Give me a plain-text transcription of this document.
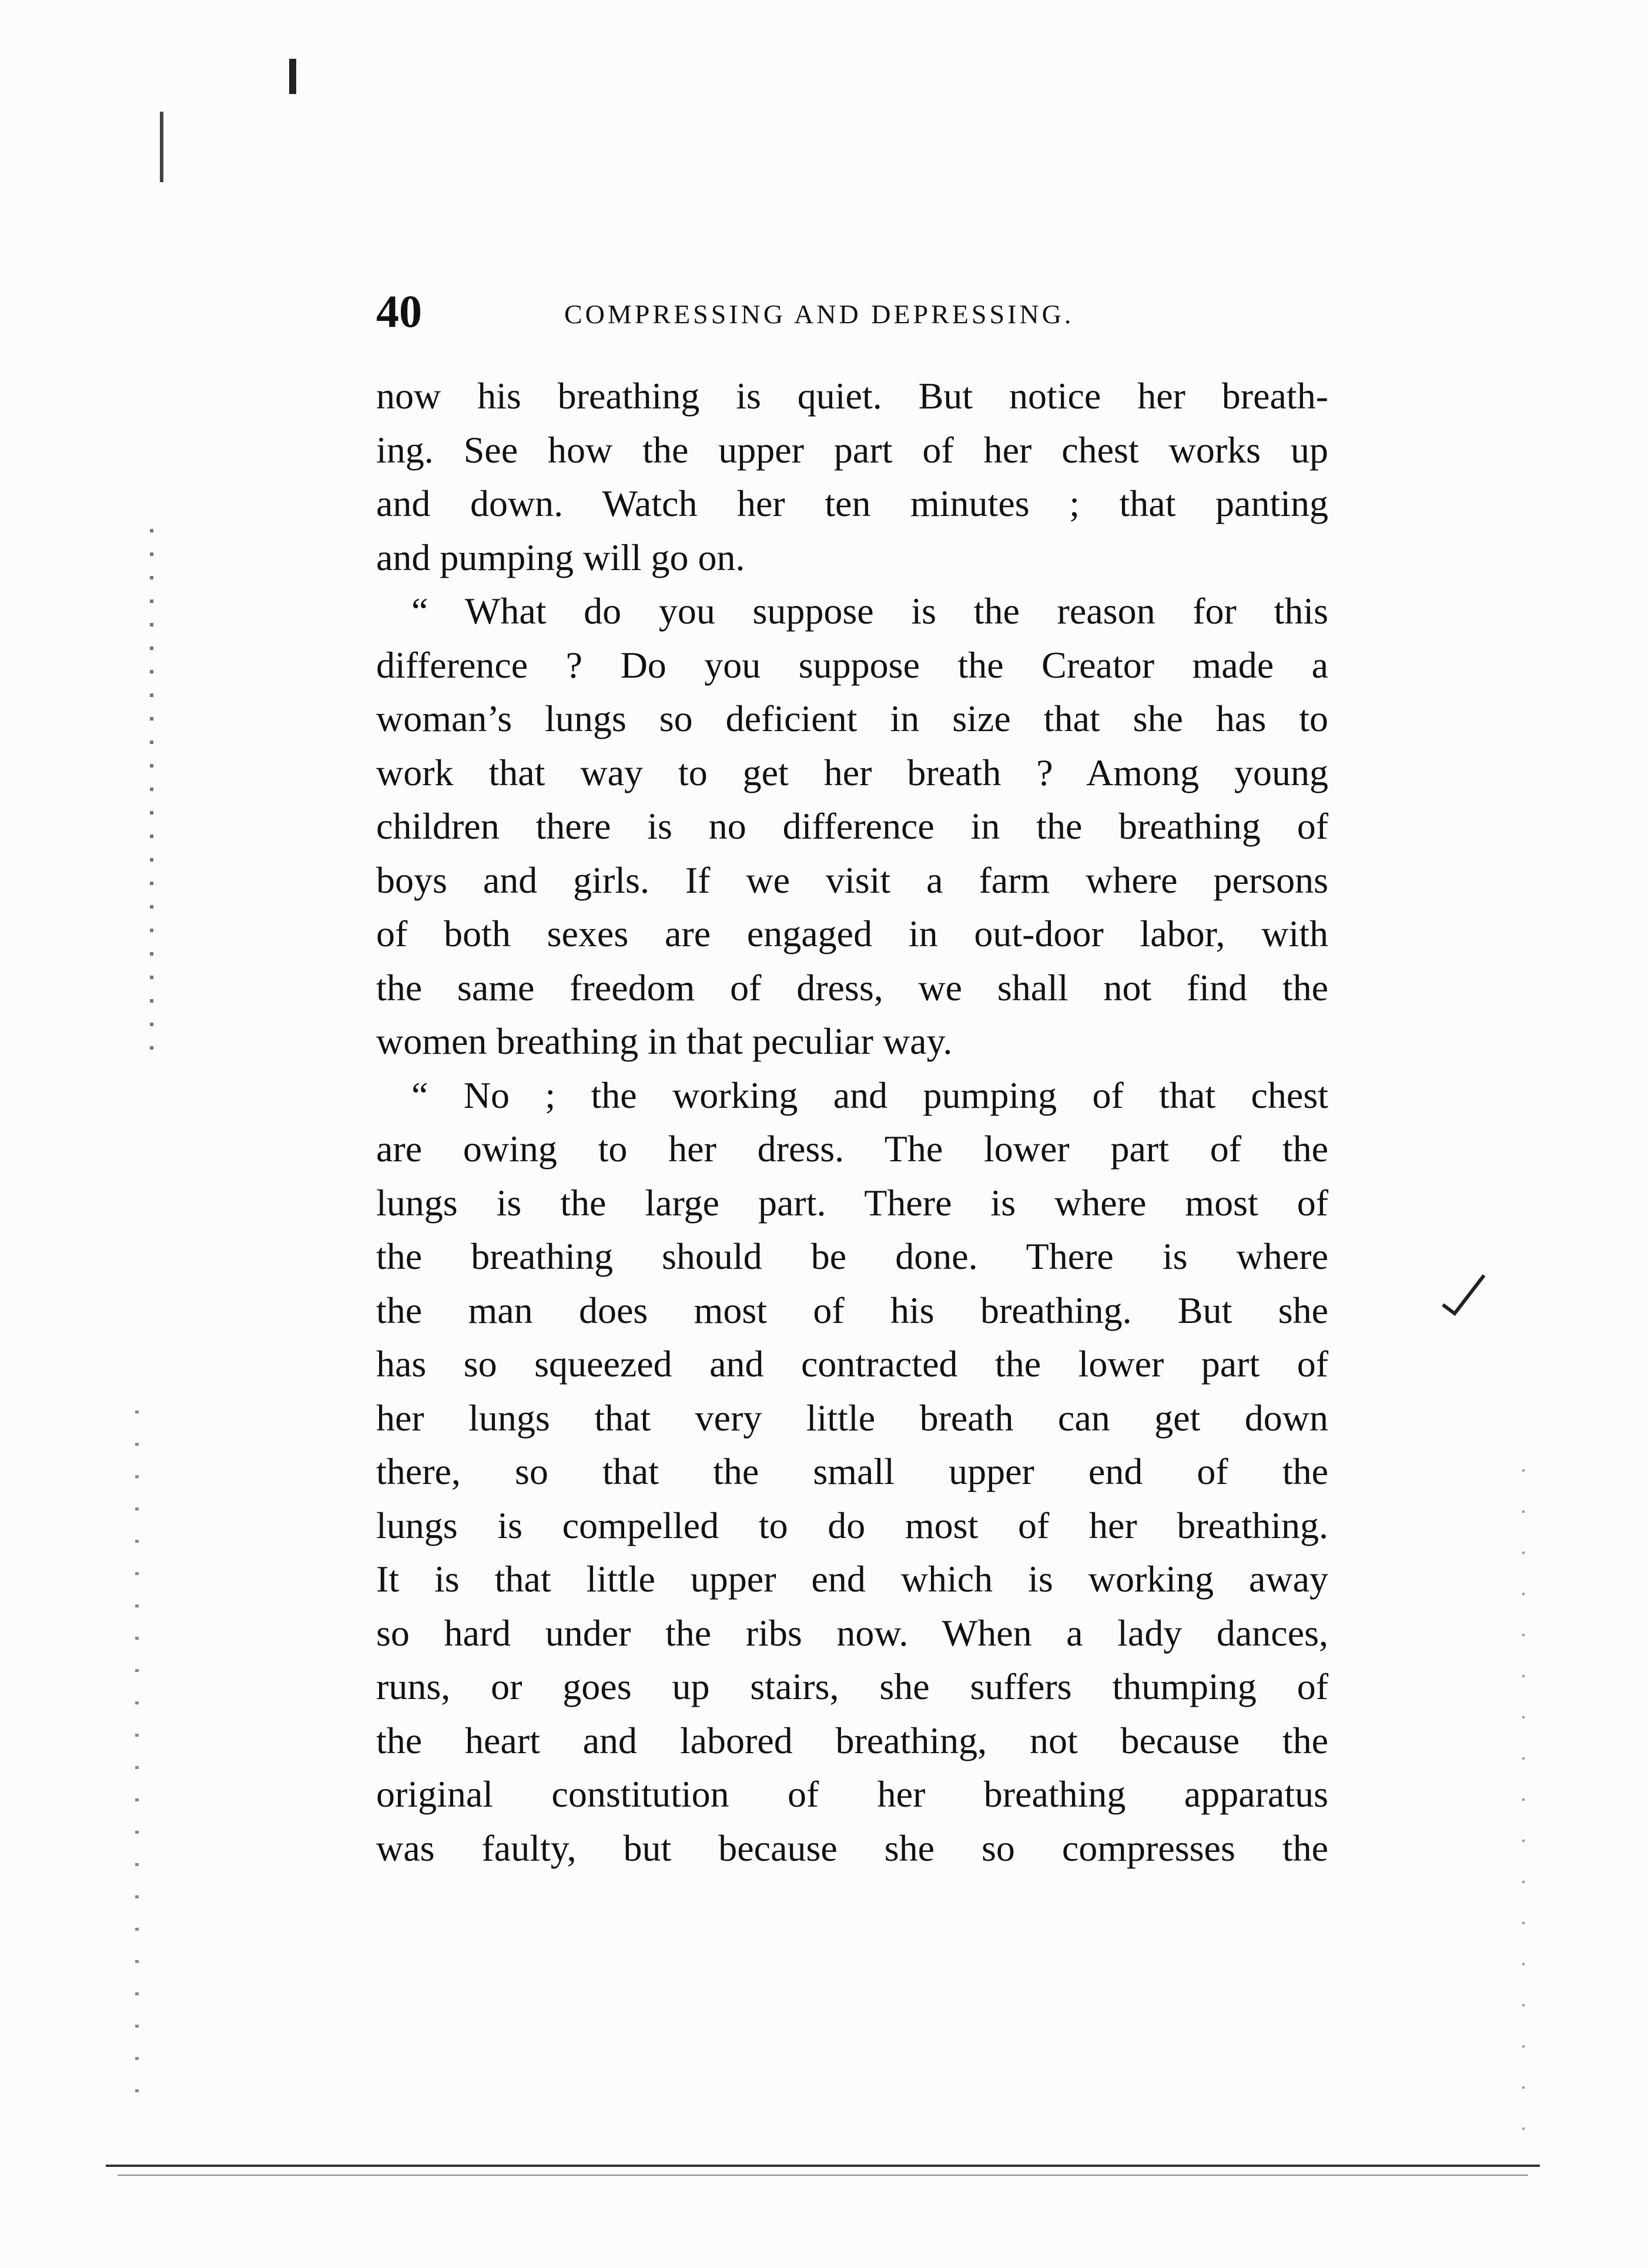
40	COMPRESSING AND DEPRESSING.
now his breathing is quiet. But notice her breath-
ing. See how the upper part of her chest works up
and down. Watch her ten minutes ; that panting
and pumping will go on.
“ What do you suppose is the reason for this
difference ? Do you suppose the Creator made a
woman’s lungs so deficient in size that she has to
work that way to get her breath ? Among young
children there is no difference in the breathing of
boys and girls. If we visit a farm where persons
of both sexes are engaged in out-door labor, with
the same freedom of dress, we shall not find the
women breathing in that peculiar way.
“ No ; the working and pumping of that chest
are owing to her dress. The lower part of the
lungs is the large part. There is where most of
the breathing should be done. There is where
the man does most of his breathing. But she
has so squeezed and contracted the lower part of
her lungs that very little breath can get down
there, so that the small upper end of the
lungs is compelled to do most of her breathing.
It is that little upper end which is working away
so hard under the ribs now. When a lady dances,
runs, or goes up stairs, she suffers thumping of
the heart and labored breathing, not because the
original constitution of her breathing apparatus
was faulty, but because she so compresses the
